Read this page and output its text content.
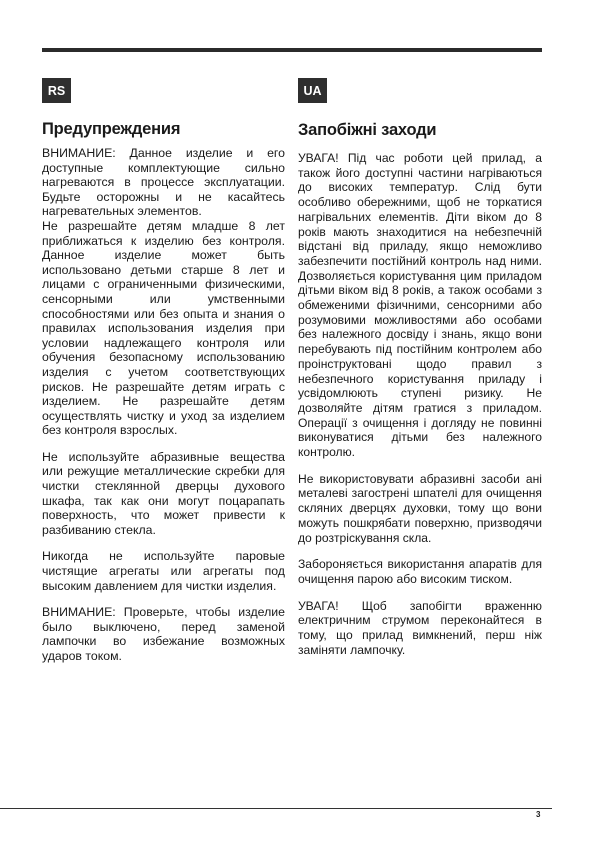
RS
Предупреждения

ВНИМАНИЕ: Данное изделие и его доступные комплектующие сильно нагреваются в процессе эксплуатации. Будьте осторожны и не касайтесь нагревательных элементов.

Не разрешайте детям младше 8 лет приближаться к изделию без контроля. Данное изделие может быть использовано детьми старше 8 лет и лицами с ограниченными физическими, сенсорными или умственными способностями или без опыта и знания о правилах использования изделия при условии надлежащего контроля или обучения безопасному использованию изделия с учетом соответствующих рисков. Не разрешайте детям играть с изделием. Не разрешайте детям осуществлять чистку и уход за изделием без контроля взрослых.

Не используйте абразивные вещества или режущие металлические скребки для чистки стеклянной дверцы духового шкафа, так как они могут поцарапать поверхность, что может привести к разбиванию стекла.

Никогда не используйте паровые чистящие агрегаты или агрегаты под высоким давлением для чистки изделия.

ВНИМАНИЕ: Проверьте, чтобы изделие было выключено, перед заменой лампочки во избежание возможных ударов током.

UA
Запобіжні заходи

УВАГА! Під час роботи цей прилад, а також його доступні частини нагріваються до високих температур. Слід бути особливо обережними, щоб не торкатися нагрівальних елементів. Діти віком до 8 років мають знаходитися на небезпечній відстані від приладу, якщо неможливо забезпечити постійний контроль над ними. Дозволяється користування цим приладом дітьми віком від 8 років, а також особами з обмеженими фізичними, сенсорними або розумовими можливостями або особами без належного досвіду і знань, якщо вони перебувають під постійним контролем або проінструктовані щодо правил з небезпечного користування приладу і усвідомлюють ступені ризику. Не дозволяйте дітям гратися з приладом. Операції з очищення і догляду не повинні виконуватися дітьми без належного контролю.

Не використовувати абразивні засоби ані металеві загострені шпателі для очищення скляних дверцях духовки, тому що вони можуть пошкрябати поверхню, призводячи до розтріскування скла.

Забороняється використання апаратів для очищення парою або високим тиском.

УВАГА! Щоб запобігти враженню електричним струмом переконайтеся в тому, що прилад вимкнений, перш ніж заміняти лампочку.

3
